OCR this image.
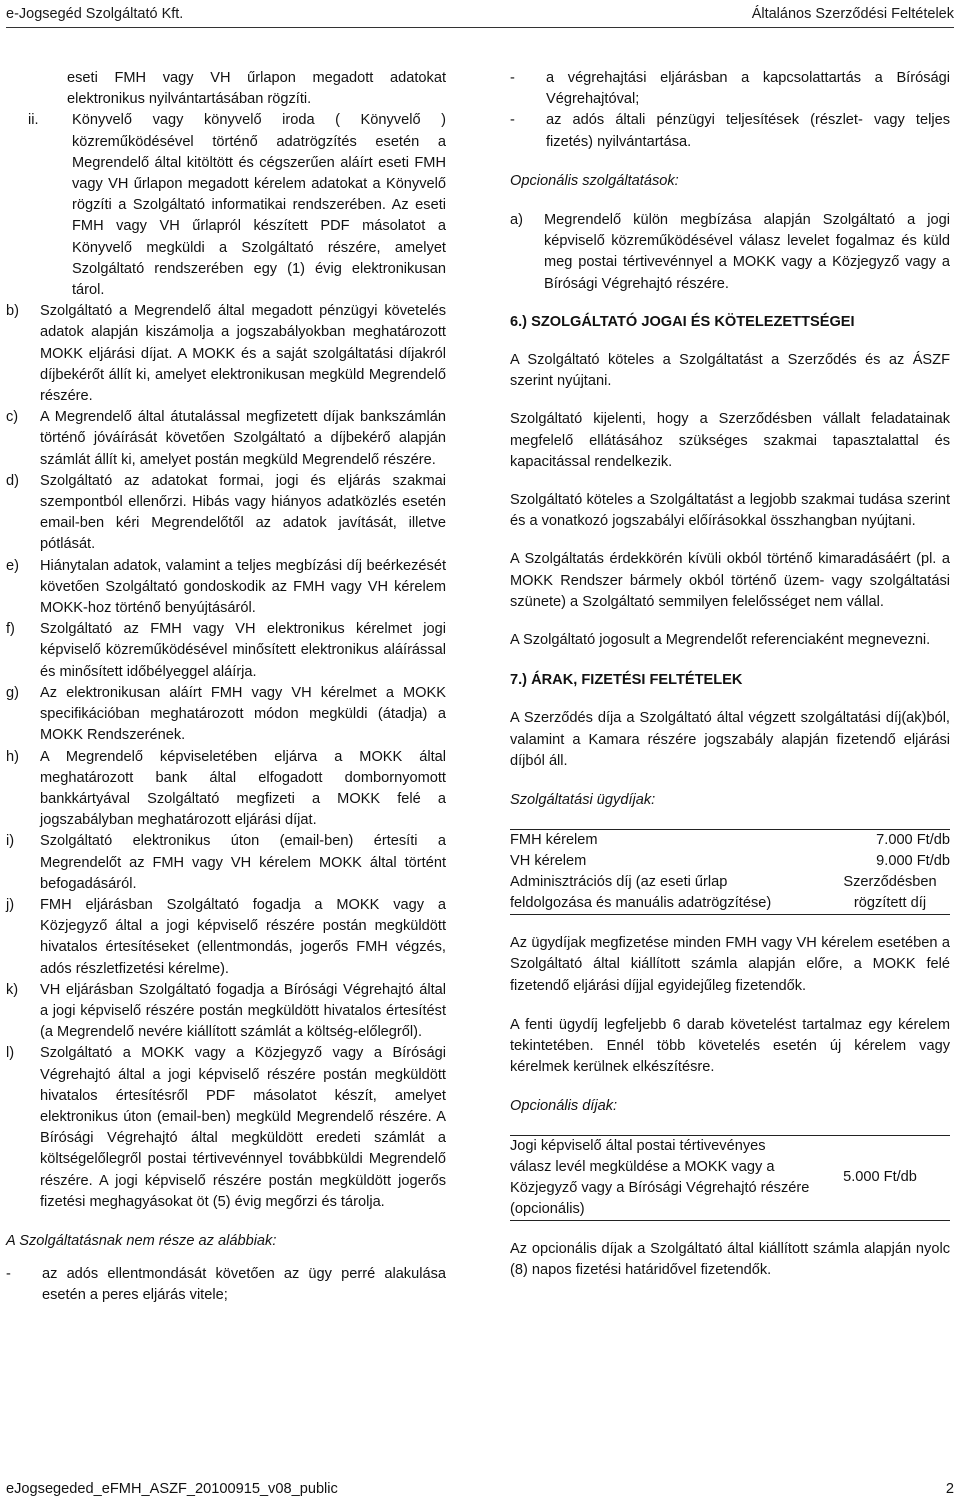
e-Jogsegéd Szolgáltató Kft.	Általános Szerződési Feltételek

eseti FMH vagy VH űrlapon megadott adatokat elektronikus nyilvántartásában rögzíti.

ii. Könyvelő vagy könyvelő iroda ( Könyvelő ) közreműködésével történő adatrögzítés esetén a Megrendelő által kitöltött és cégszerűen aláírt eseti FMH vagy VH űrlapon megadott kérelem adatokat a Könyvelő rögzíti a Szolgáltató informatikai rendszerében. Az eseti FMH vagy VH űrlapról készített PDF másolatot a Könyvelő megküldi a Szolgáltató részére, amelyet Szolgáltató rendszerében egy (1) évig elektronikusan tárol.
b) Szolgáltató a Megrendelő által megadott pénzügyi követelés adatok alapján kiszámolja a jogszabályokban meghatározott MOKK eljárási díjat. A MOKK és a saját szolgáltatási díjakról díjbekérőt állít ki, amelyet elektronikusan megküld Megrendelő részére.
c) A Megrendelő által átutalással megfizetett díjak bankszámlán történő jóváírását követően Szolgáltató a díjbekérő alapján számlát állít ki, amelyet postán megküld Megrendelő részére.
d) Szolgáltató az adatokat formai, jogi és eljárás szakmai szempontból ellenőrzi. Hibás vagy hiányos adatközlés esetén email-ben kéri Megrendelőtől az adatok javítását, illetve pótlását.
e) Hiánytalan adatok, valamint a teljes megbízási díj beérkezését követően Szolgáltató gondoskodik az FMH vagy VH kérelem MOKK-hoz történő benyújtásáról.
f) Szolgáltató az FMH vagy VH elektronikus kérelmet jogi képviselő közreműködésével minősített elektronikus aláírással és minősített időbélyeggel aláírja.
g) Az elektronikusan aláírt FMH vagy VH kérelmet a MOKK specifikációban meghatározott módon megküldi (átadja) a MOKK Rendszerének.
h) A Megrendelő képviseletében eljárva a MOKK által meghatározott bank által elfogadott dombornyomott bankkártyával Szolgáltató megfizeti a MOKK felé a jogszabályban meghatározott eljárási díjat.
i) Szolgáltató elektronikus úton (email-ben) értesíti a Megrendelőt az FMH vagy VH kérelem MOKK által történt befogadásáról.
j) FMH eljárásban Szolgáltató fogadja a MOKK vagy a Közjegyző által a jogi képviselő részére postán megküldött hivatalos értesítéseket (ellentmondás, jogerős FMH végzés, adós részletfizetési kérelme).
k) VH eljárásban Szolgáltató fogadja a Bírósági Végrehajtó által a jogi képviselő részére postán megküldött hivatalos értesítést (a Megrendelő nevére kiállított számlát a költség-előlegről).
l) Szolgáltató a MOKK vagy a Közjegyző vagy a Bírósági Végrehajtó által a jogi képviselő részére postán megküldött hivatalos értesítésről PDF másolatot készít, amelyet elektronikus úton (email-ben) megküld Megrendelő részére. A Bírósági Végrehajtó által megküldött eredeti számlát a költségelőlegről postai tértivevénnyel továbbküldi Megrendelő részére. A jogi képviselő részére postán megküldött jogerős fizetési meghagyásokat öt (5) évig megőrzi és tárolja.

A Szolgáltatásnak nem része az alábbiak:

- az adós ellentmondását követően az ügy perré alakulása esetén a peres eljárás vitele;
- a végrehajtási eljárásban a kapcsolattartás a Bírósági Végrehajtóval;
- az adós általi pénzügyi teljesítések (részlet- vagy teljes fizetés) nyilvántartása.

Opcionális szolgáltatások:

a) Megrendelő külön megbízása alapján Szolgáltató a jogi képviselő közreműködésével válasz levelet fogalmaz és küld meg postai tértivevénnyel a MOKK vagy a Közjegyző vagy a Bírósági Végrehajtó részére.

6.) SZOLGÁLTATÓ JOGAI ÉS KÖTELEZETTSÉGEI

A Szolgáltató köteles a Szolgáltatást a Szerződés és az ÁSZF szerint nyújtani.

Szolgáltató kijelenti, hogy a Szerződésben vállalt feladatainak megfelelő ellátásához szükséges szakmai tapasztalattal és kapacitással rendelkezik.

Szolgáltató köteles a Szolgáltatást a legjobb szakmai tudása szerint és a vonatkozó jogszabályi előírásokkal összhangban nyújtani.

A Szolgáltatás érdekkörén kívüli okból történő kimaradásáért (pl. a MOKK Rendszer bármely okból történő üzem- vagy szolgáltatási szünete) a Szolgáltató semmilyen felelősséget nem vállal.

A Szolgáltató jogosult a Megrendelőt referenciaként megnevezni.

7.) ÁRAK, FIZETÉSI FELTÉTELEK

A Szerződés díja a Szolgáltató által végzett szolgáltatási díj(ak)ból, valamint a Kamara részére jogszabály alapján fizetendő eljárási díjból áll.

Szolgáltatási ügydíjak:

FMH kérelem	7.000 Ft/db
VH kérelem	9.000 Ft/db
Adminisztrációs díj (az eseti űrlap feldolgozása és manuális adatrögzítése)	Szerződésben rögzített díj

Az ügydíjak megfizetése minden FMH vagy VH kérelem esetében a Szolgáltató által kiállított számla alapján előre, a MOKK felé fizetendő eljárási díjjal egyidejűleg fizetendők.

A fenti ügydíj legfeljebb 6 darab követelést tartalmaz egy kérelem tekintetében. Ennél több követelés esetén új kérelem vagy kérelmek kerülnek elkészítésre.

Opcionális díjak:

Jogi képviselő által postai tértivevényes válasz levél megküldése a MOKK vagy a Közjegyző vagy a Bírósági Végrehajtó részére (opcionális)	5.000 Ft/db

Az opcionális díjak a Szolgáltató által kiállított számla alapján nyolc (8) napos fizetési határidővel fizetendők.

eJogsegeded_eFMH_ASZF_20100915_v08_public	2
